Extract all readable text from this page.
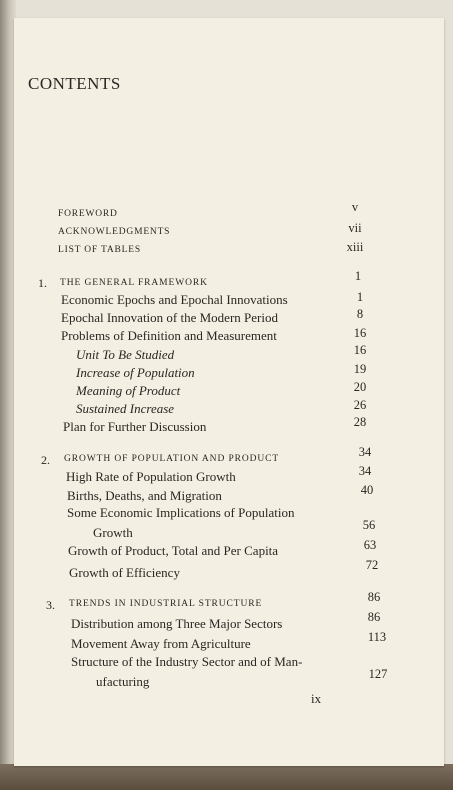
CONTENTS
FOREWORD	v
ACKNOWLEDGMENTS	vii
LIST OF TABLES	xiii
1. THE GENERAL FRAMEWORK	1
Economic Epochs and Epochal Innovations	1
Epochal Innovation of the Modern Period	8
Problems of Definition and Measurement	16
Unit To Be Studied	16
Increase of Population	19
Meaning of Product	20
Sustained Increase	26
Plan for Further Discussion	28
2. GROWTH OF POPULATION AND PRODUCT	34
High Rate of Population Growth	34
Births, Deaths, and Migration	40
Some Economic Implications of Population
Growth	56
Growth of Product, Total and Per Capita	63
Growth of Efficiency	72
3. TRENDS IN INDUSTRIAL STRUCTURE	86
Distribution among Three Major Sectors	86
Movement Away from Agriculture	113
Structure of the Industry Sector and of Man-
ufacturing	127
ix
